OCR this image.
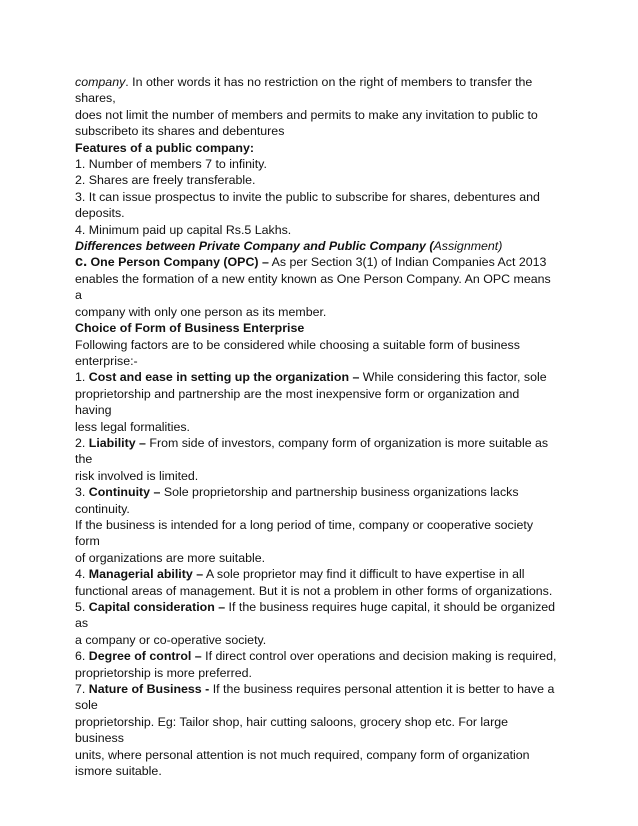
company. In other words it has no restriction on the right of members to transfer the
shares,
does not limit the number of members and permits to make any invitation to public to
subscribeto its shares and debentures
Features of a public company:
1. Number of members 7 to infinity.
2. Shares are freely transferable.
3. It can issue prospectus to invite the public to subscribe for shares, debentures and
deposits.
4. Minimum paid up capital Rs.5 Lakhs.
Differences between Private Company and Public Company (Assignment)
c. One Person Company (OPC) – As per Section 3(1) of Indian Companies Act 2013
enables the formation of a new entity known as One Person Company. An OPC means
a
company with only one person as its member.
Choice of Form of Business Enterprise
Following factors are to be considered while choosing a suitable form of business
enterprise:-
1. Cost and ease in setting up the organization – While considering this factor, sole
proprietorship and partnership are the most inexpensive form or organization and
having
less legal formalities.
2. Liability – From side of investors, company form of organization is more suitable as
the
risk involved is limited.
3. Continuity – Sole proprietorship and partnership business organizations lacks
continuity.
If the business is intended for a long period of time, company or cooperative society
form
of organizations are more suitable.
4. Managerial ability – A sole proprietor may find it difficult to have expertise in all
functional areas of management. But it is not a problem in other forms of organizations.
5. Capital consideration – If the business requires huge capital, it should be organized
as
a company or co-operative society.
6. Degree of control – If direct control over operations and decision making is required,
proprietorship is more preferred.
7. Nature of Business - If the business requires personal attention it is better to have a
sole
proprietorship. Eg: Tailor shop, hair cutting saloons, grocery shop etc. For large
business
units, where personal attention is not much required, company form of organization
ismore suitable.
